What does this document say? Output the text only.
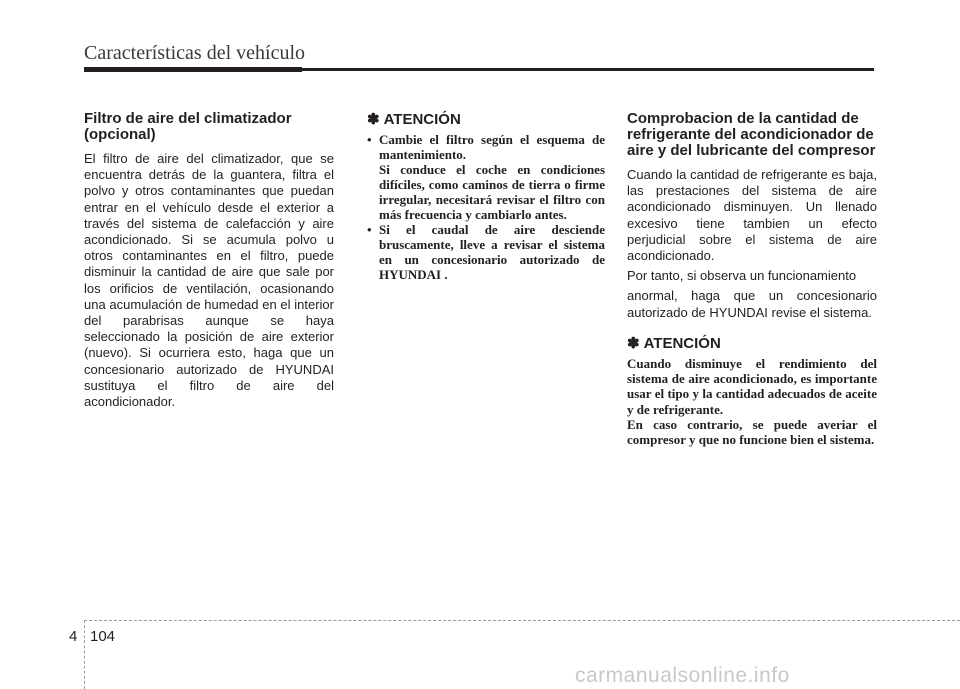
Características del vehículo
Filtro de aire del climatizador (opcional)

El filtro de aire del climatizador, que se encuentra detrás de la guantera, filtra el polvo y otros contaminantes que puedan entrar en el vehículo desde el exterior a través del sistema de calefacción y aire acondicionado. Si se acumula polvo u otros contaminantes en el filtro, puede disminuir la cantidad de aire que sale por los orificios de ventilación, ocasionando una acumulación de humedad en el interior del parabrisas aunque se haya seleccionado la posición de aire exterior (nuevo). Si ocurriera esto, haga que un concesionario autorizado de HYUNDAI sustituya el filtro de aire del acondicionador.

✽ ATENCIÓN
• Cambie el filtro según el esquema de mantenimiento.
Si conduce el coche en condiciones difíciles, como caminos de tierra o firme irregular, necesitará revisar el filtro con más frecuencia y cambiarlo antes.
• Si el caudal de aire desciende bruscamente, lleve a revisar el sistema en un concesionario autorizado de HYUNDAI .
Comprobacion de la cantidad de refrigerante del acondicionador de aire y del lubricante del compresor

Cuando la cantidad de refrigerante es baja, las prestaciones del sistema de aire acondicionado disminuyen. Un llenado excesivo tiene tambien un efecto perjudicial sobre el sistema de aire acondicionado.

Por tanto, si observa un funcionamiento

anormal, haga que un concesionario autorizado de HYUNDAI revise el sistema.

✽ ATENCIÓN

Cuando disminuye el rendimiento del sistema de aire acondicionado, es importante usar el tipo y la cantidad adecuados de aceite y de refrigerante.

En caso contrario, se puede averiar el compresor y que no funcione bien el sistema.

4 104
carmanualsonline.info
